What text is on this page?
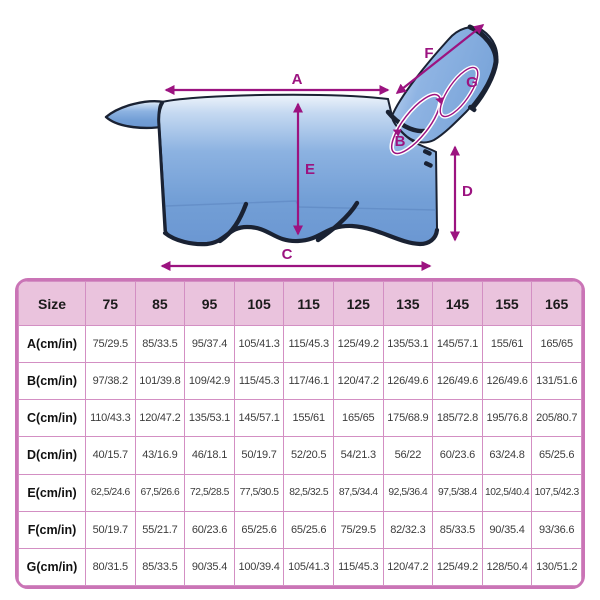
A
B
C
D
E
F
G
Size	75	85	95	105	115	125	135	145	155	165
A(cm/in)	75/29.5	85/33.5	95/37.4	105/41.3	115/45.3	125/49.2	135/53.1	145/57.1	155/61	165/65
B(cm/in)	97/38.2	101/39.8	109/42.9	115/45.3	117/46.1	120/47.2	126/49.6	126/49.6	126/49.6	131/51.6
C(cm/in)	110/43.3	120/47.2	135/53.1	145/57.1	155/61	165/65	175/68.9	185/72.8	195/76.8	205/80.7
D(cm/in)	40/15.7	43/16.9	46/18.1	50/19.7	52/20.5	54/21.3	56/22	60/23.6	63/24.8	65/25.6
E(cm/in)	62,5/24.6	67,5/26.6	72,5/28.5	77,5/30.5	82,5/32.5	87,5/34.4	92,5/36.4	97,5/38.4	102,5/40.4	107,5/42.3
F(cm/in)	50/19.7	55/21.7	60/23.6	65/25.6	65/25.6	75/29.5	82/32.3	85/33.5	90/35.4	93/36.6
G(cm/in)	80/31.5	85/33.5	90/35.4	100/39.4	105/41.3	115/45.3	120/47.2	125/49.2	128/50.4	130/51.2
